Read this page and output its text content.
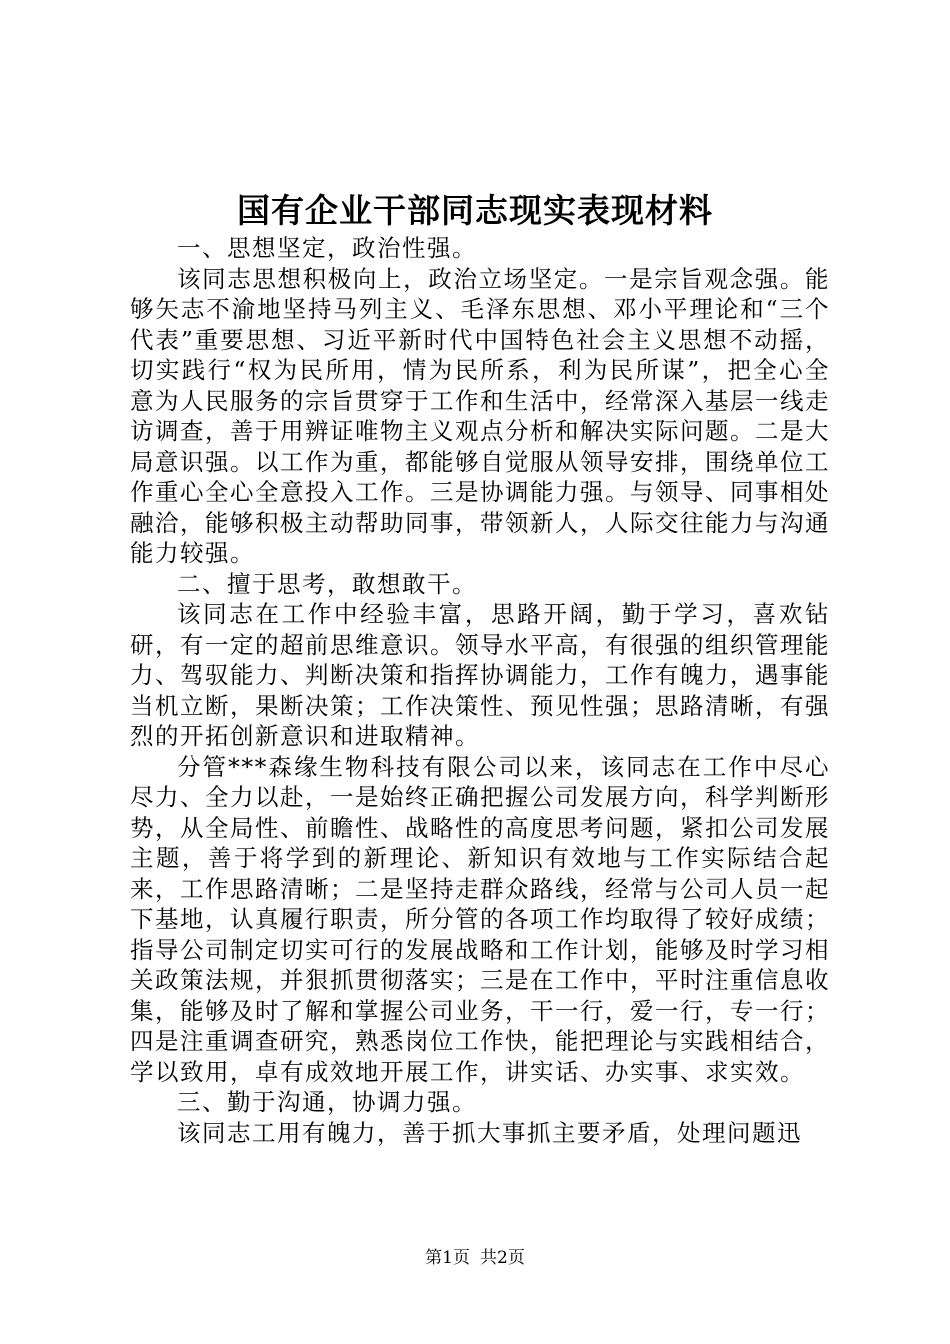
国有企业干部同志现实表现材料

一、思想坚定，政治性强。

该同志思想积极向上，政治立场坚定。一是宗旨观念强。能够矢志不渝地坚持马列主义、毛泽东思想、邓小平理论和“三个代表”重要思想、习近平新时代中国特色社会主义思想不动摇，切实践行“权为民所用，情为民所系，利为民所谋”，把全心全意为人民服务的宗旨贯穿于工作和生活中，经常深入基层一线走访调查，善于用辨证唯物主义观点分析和解决实际问题。二是大局意识强。以工作为重，都能够自觉服从领导安排，围绕单位工作重心全心全意投入工作。三是协调能力强。与领导、同事相处融洽，能够积极主动帮助同事，带领新人，人际交往能力与沟通能力较强。

二、擅于思考，敢想敢干。

该同志在工作中经验丰富，思路开阔，勤于学习，喜欢钻研，有一定的超前思维意识。领导水平高，有很强的组织管理能力、驾驭能力、判断决策和指挥协调能力，工作有魄力，遇事能当机立断，果断决策；工作决策性、预见性强；思路清晰，有强烈的开拓创新意识和进取精神。

分管***森缘生物科技有限公司以来，该同志在工作中尽心尽力、全力以赴，一是始终正确把握公司发展方向，科学判断形势，从全局性、前瞻性、战略性的高度思考问题，紧扣公司发展主题，善于将学到的新理论、新知识有效地与工作实际结合起来，工作思路清晰；二是坚持走群众路线，经常与公司人员一起下基地，认真履行职责，所分管的各项工作均取得了较好成绩；指导公司制定切实可行的发展战略和工作计划，能够及时学习相关政策法规，并狠抓贯彻落实；三是在工作中，平时注重信息收集，能够及时了解和掌握公司业务，干一行，爱一行，专一行；四是注重调查研究，熟悉岗位工作快，能把理论与实践相结合，学以致用，卓有成效地开展工作，讲实话、办实事、求实效。

三、勤于沟通，协调力强。

该同志工用有魄力，善于抓大事抓主要矛盾，处理问题迅

第1页 共2页
